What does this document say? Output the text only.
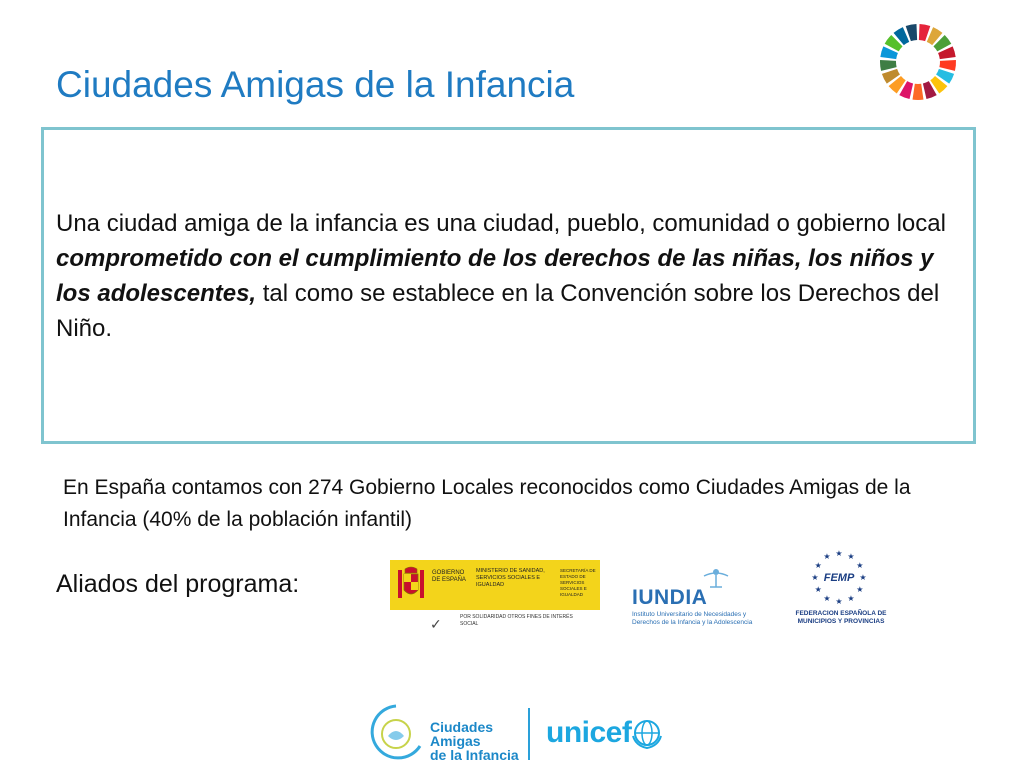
Ciudades Amigas de la Infancia
Una ciudad amiga de la infancia es una ciudad, pueblo, comunidad o gobierno local comprometido con el cumplimiento de los derechos de las niñas, los niños y los adolescentes, tal como se establece en la Convención sobre los Derechos del Niño.
En España contamos con 274 Gobierno Locales reconocidos como Ciudades Amigas de la Infancia (40% de la población infantil)
Aliados del programa:	GOBIERNO DE ESPAÑA
MINISTERIO DE SANIDAD, SERVICIOS SOCIALES E IGUALDAD
SECRETARÍA DE ESTADO DE SERVICIOS SOCIALES E IGUALDAD
✓	POR SOLIDARIDAD OTROS FINES DE INTERÉS SOCIAL
IUNDIA
Instituto Universitario de Necesidades y Derechos de la Infancia y la Adolescencia
FEMP
★ ★
★
★
★
★
★
★
★
★
★
★
FEDERACION ESPAÑOLA DE MUNICIPIOS Y PROVINCIAS
Ciudades
Amigas
de la Infancia
unicef
